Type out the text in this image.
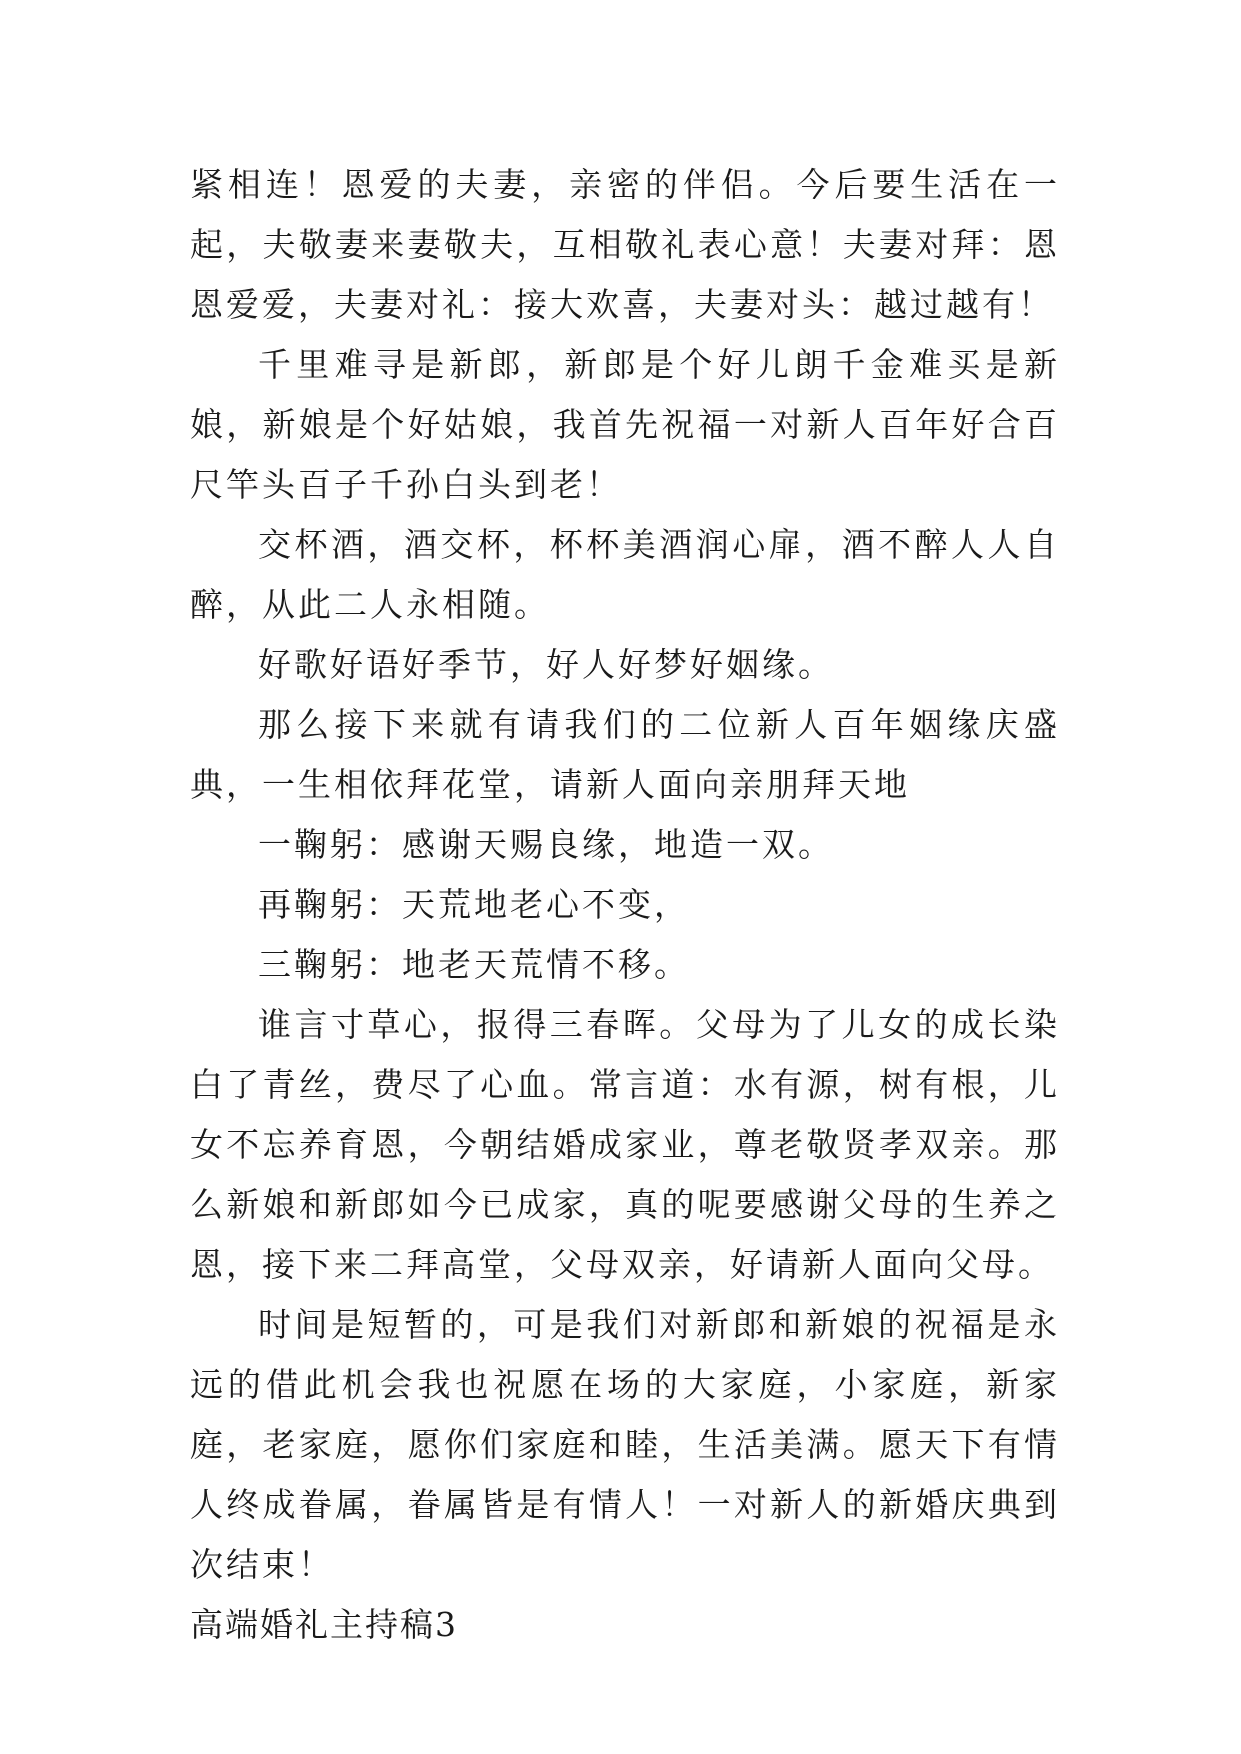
紧相连！恩爱的夫妻，亲密的伴侣。今后要生活在一起，夫敬妻来妻敬夫，互相敬礼表心意！夫妻对拜：恩恩爱爱，夫妻对礼：接大欢喜，夫妻对头：越过越有！

千里难寻是新郎，新郎是个好儿朗千金难买是新娘，新娘是个好姑娘，我首先祝福一对新人百年好合百尺竿头百子千孙白头到老！

交杯酒，酒交杯，杯杯美酒润心扉，酒不醉人人自醉，从此二人永相随。

好歌好语好季节，好人好梦好姻缘。

那么接下来就有请我们的二位新人百年姻缘庆盛典，一生相依拜花堂，请新人面向亲朋拜天地

一鞠躬：感谢天赐良缘，地造一双。

再鞠躬：天荒地老心不变，

三鞠躬：地老天荒情不移。

谁言寸草心，报得三春晖。父母为了儿女的成长染白了青丝，费尽了心血。常言道：水有源，树有根，儿女不忘养育恩，今朝结婚成家业，尊老敬贤孝双亲。那么新娘和新郎如今已成家，真的呢要感谢父母的生养之恩，接下来二拜高堂，父母双亲，好请新人面向父母。

时间是短暂的，可是我们对新郎和新娘的祝福是永远的借此机会我也祝愿在场的大家庭，小家庭，新家庭，老家庭，愿你们家庭和睦，生活美满。愿天下有情人终成眷属，眷属皆是有情人！一对新人的新婚庆典到次结束！

高端婚礼主持稿3
